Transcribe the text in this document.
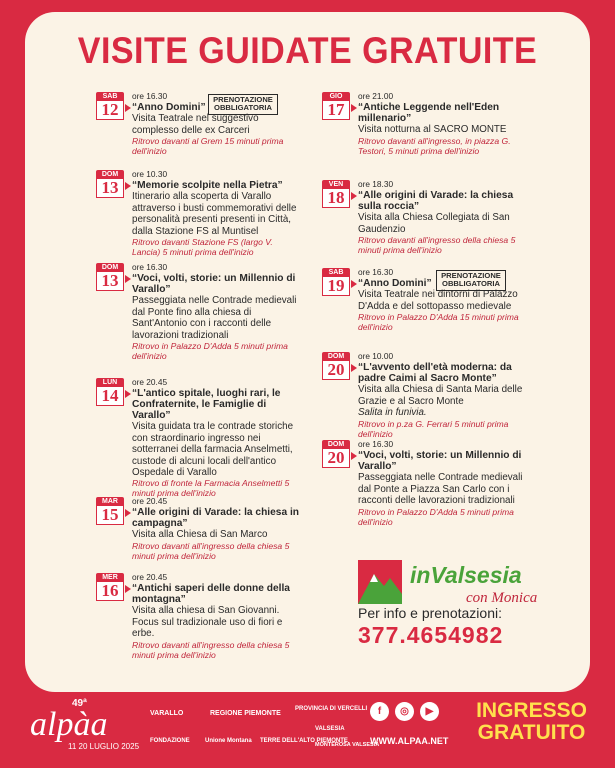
VISITE GUIDATE GRATUITE
SAB
12
ore 16.30
“Anno Domini”
Visita Teatrale nel suggestivo complesso delle ex Carceri
Ritrovo davanti al Grem 15 minuti prima dell'inizio
PRENOTAZIONE OBBLIGATORIA
DOM
13
ore 10.30
“Memorie scolpite nella Pietra”
Itinerario alla scoperta di Varallo attraverso i busti commemorativi delle personalità presenti presenti in Città, dalla Stazione FS al Muntisel
Ritrovo davanti Stazione FS (largo V. Lancia) 5 minuti prima dell'inizio
DOM
13
ore 16.30
“Voci, volti, storie: un Millennio di Varallo”
Passeggiata nelle Contrade medievali dal Ponte fino alla chiesa di Sant'Antonio con i racconti delle lavorazioni tradizionali
Ritrovo in Palazzo D'Adda 5 minuti prima dell'inizio
LUN
14
ore 20.45
“L'antico spitale, luoghi rari, le Confraternite, le Famiglie di Varallo”
Visita guidata tra le contrade storiche con straordinario ingresso nei sotterranei della farmacia Anselmetti, custode di alcuni locali dell'antico Ospedale di Varallo
Ritrovo di fronte la Farmacia Anselmetti 5 minuti prima dell'inizio
MAR
15
ore 20.45
“Alle origini di Varade: la chiesa in campagna”
Visita alla Chiesa di San Marco
Ritrovo davanti all'ingresso della chiesa 5 minuti prima dell'inizio
MER
16
ore 20.45
“Antichi saperi delle donne della montagna”
Visita alla chiesa di San Giovanni. Focus sul tradizionale uso di fiori e erbe.
Ritrovo davanti all'ingresso della chiesa 5 minuti prima dell'inizio
GIO
17
ore 21.00
“Antiche Leggende nell'Eden millenario”
Visita notturna al SACRO MONTE
Ritrovo davanti all'ingresso, in piazza G. Testori, 5 minuti prima dell'inizio
VEN
18
ore 18.30
“Alle origini di Varade: la chiesa sulla roccia”
Visita alla Chiesa Collegiata di San Gaudenzio
Ritrovo davanti all'ingresso della chiesa 5 minuti prima dell'inizio
SAB
19
ore 16.30
“Anno Domini”
Visita Teatrale nei dintorni di Palazzo D'Adda e del sottopasso medievale
Ritrovo in Palazzo D'Adda 15 minuti prima dell'inizio
PRENOTAZIONE OBBLIGATORIA
DOM
20
ore 10.00
“L'avvento dell'età moderna: da padre Caimi al Sacro Monte”
Visita alla Chiesa di Santa Maria delle Grazie e al Sacro Monte
Salita in funivia.
Ritrovo in p.za G. Ferrari 5 minuti prima dell'inizio
DOM
20
ore 16.30
“Voci, volti, storie: un Millennio di Varallo”
Passeggiata nelle Contrade medievali dal Ponte a Piazza San Carlo con i racconti delle lavorazioni tradizionali
Ritrovo in Palazzo D'Adda 5 minuti prima dell'inizio
inValsesia
con Monica
Per info e prenotazioni:
377.4654982
49ª
alpàa
11 20 LUGLIO 2025
VARALLO	REGIONE PIEMONTE
PROVINCIA DI VERCELLI
VALSESIA
FONDAZIONE	Unione Montana TERRE DELL'ALTO PIEMONTE
MONTEROSA VALSESIA
f	◎	▶
WWW.ALPAA.NET
INGRESSO GRATUITO
